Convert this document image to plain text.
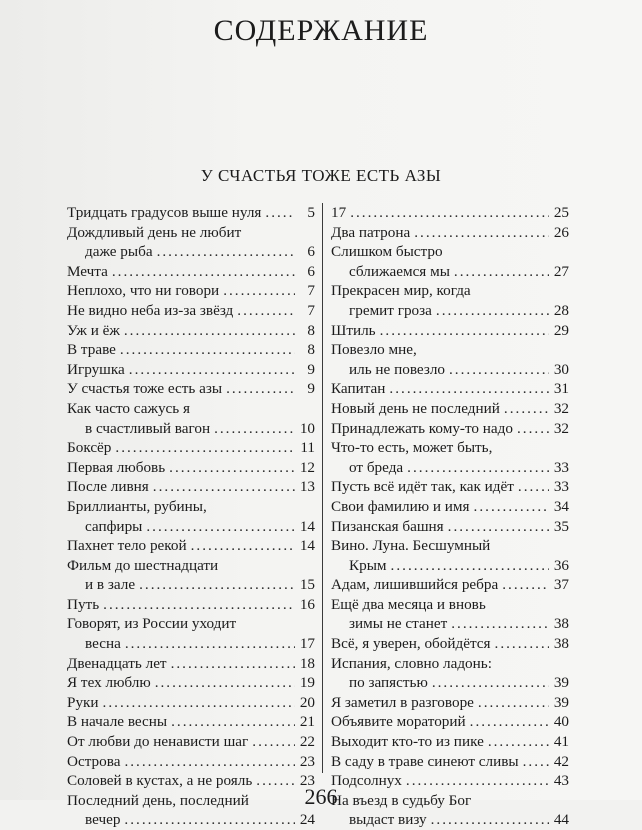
СОДЕРЖАНИЕ
У СЧАСТЬЯ ТОЖЕ ЕСТЬ АЗЫ
Тридцать градусов выше нуля .....	5
Дождливый день не любит
даже рыба .....	6
Мечта .....	6
Неплохо, что ни говори .....	7
Не видно неба из-за звёзд .....	7
Уж и ёж .....	8
В траве .....	8
Игрушка .....	9
У счастья тоже есть азы .....	9
Как часто сажусь я
в счастливый вагон .....	10
Боксёр .....	11
Первая любовь .....	12
После ливня .....	13
Бриллианты, рубины,
сапфиры .....	14
Пахнет тело рекой .....	14
Фильм до шестнадцати
и в зале .....	15
Путь .....	16
Говорят, из России уходит
весна .....	17
Двенадцать лет .....	18
Я тех люблю .....	19
Руки .....	20
В начале весны .....	21
От любви до ненависти шаг .....	22
Острова .....	23
Соловей в кустах, а не рояль .....	23
Последний день, последний
вечер .....	24
17 .....	25
Два патрона .....	26
Слишком быстро
сближаемся мы .....	27
Прекрасен мир, когда
гремит гроза .....	28
Штиль .....	29
Повезло мне,
иль не повезло .....	30
Капитан .....	31
Новый день не последний .....	32
Принадлежать кому-то надо .....	32
Что-то есть, может быть,
от бреда .....	33
Пусть всё идёт так, как идёт .....	33
Свои фамилию и имя .....	34
Пизанская башня .....	35
Вино. Луна. Бесшумный
Крым .....	36
Адам, лишившийся ребра .....	37
Ещё два месяца и вновь
зимы не станет .....	38
Всё, я уверен, обойдётся .....	38
Испания, словно ладонь:
по запястью .....	39
Я заметил в разговоре .....	39
Объявите мораторий .....	40
Выходит кто-то из пике .....	41
В саду в траве синеют сливы ..... 42
Подсолнух .....	43
На въезд в судьбу Бог
выдаст визу .....	44
266
